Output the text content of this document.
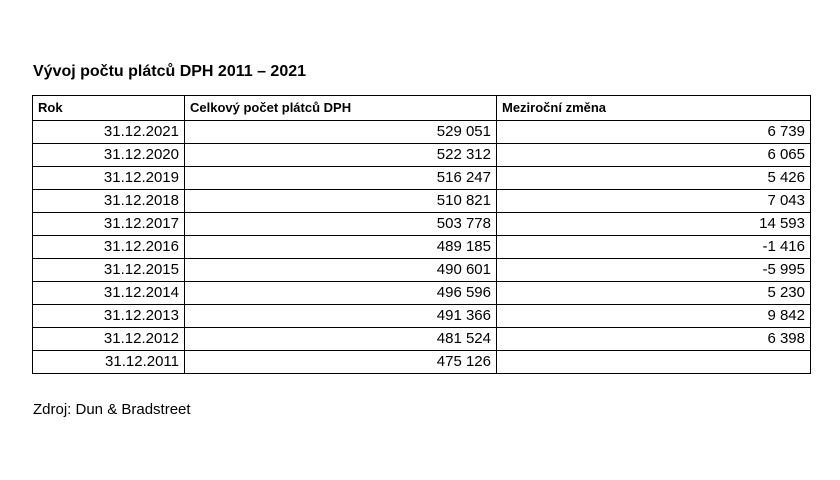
Vývoj počtu plátců DPH 2011 – 2021
Rok	Celkový počet plátců DPH	Meziroční změna
31.12.2021	529 051	6 739
31.12.2020	522 312	6 065
31.12.2019	516 247	5 426
31.12.2018	510 821	7 043
31.12.2017	503 778	14 593
31.12.2016	489 185	-1 416
31.12.2015	490 601	-5 995
31.12.2014	496 596	5 230
31.12.2013	491 366	9 842
31.12.2012	481 524	6 398
31.12.2011	475 126	
Zdroj: Dun & Bradstreet
